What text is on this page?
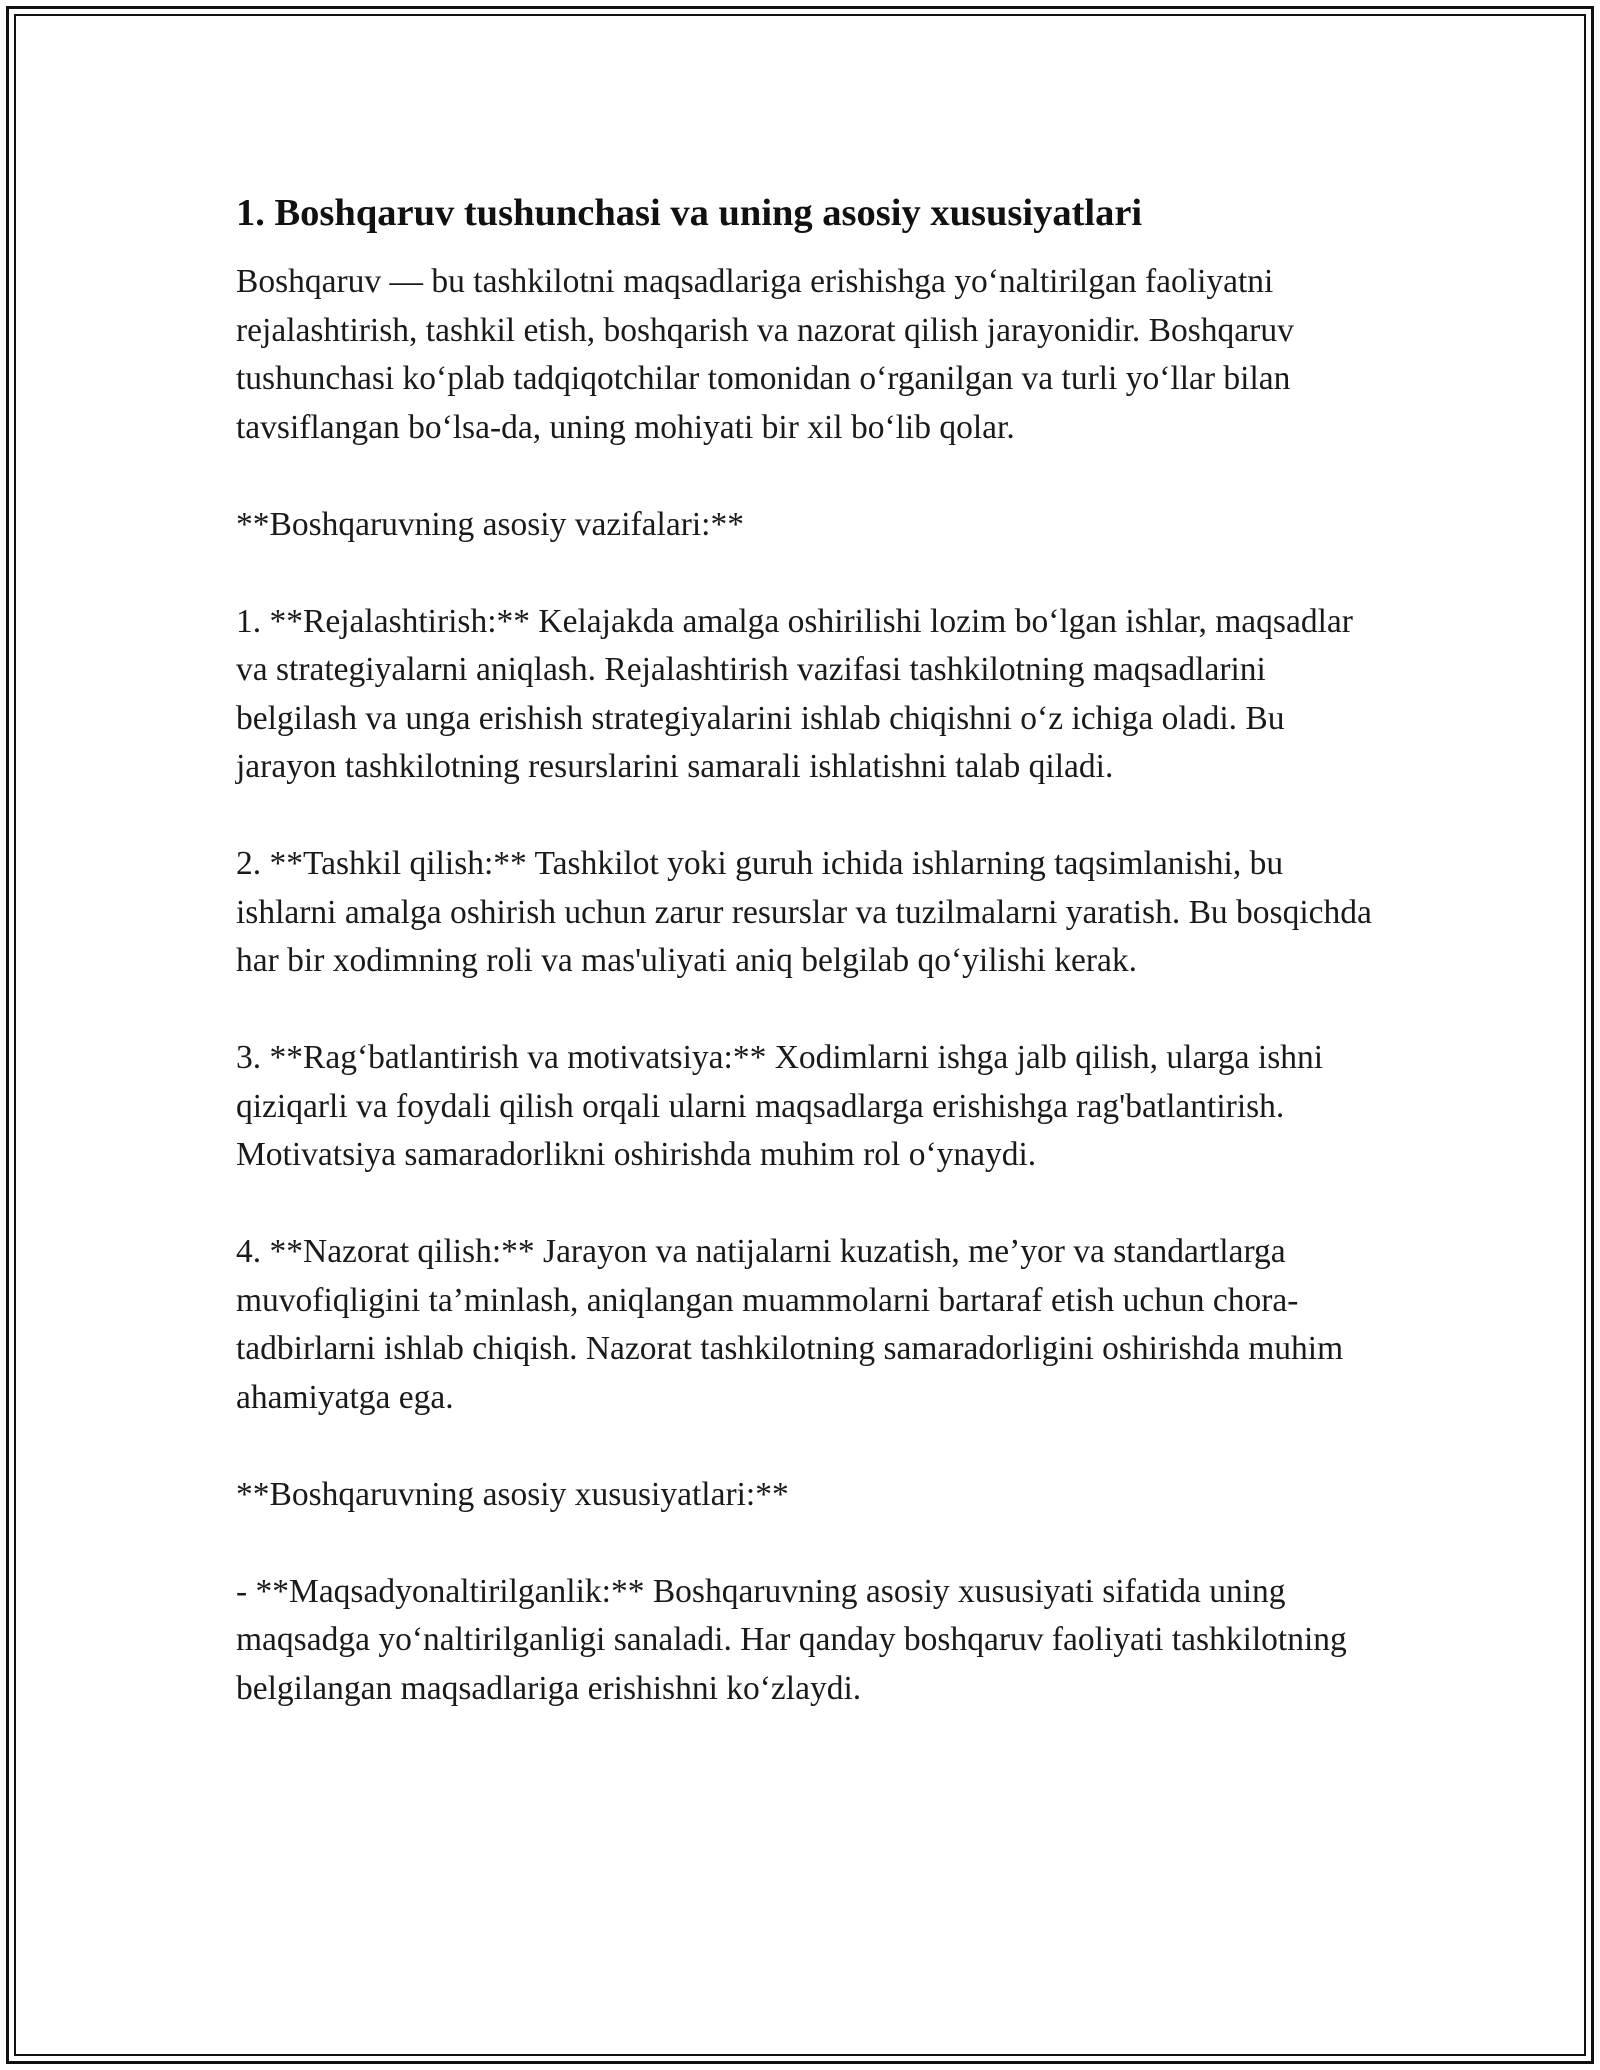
1. Boshqaruv tushunchasi va uning asosiy xususiyatlari

Boshqaruv — bu tashkilotni maqsadlariga erishishga yo‘naltirilgan faoliyatni rejalashtirish, tashkil etish, boshqarish va nazorat qilish jarayonidir. Boshqaruv tushunchasi ko‘plab tadqiqotchilar tomonidan o‘rganilgan va turli yo‘llar bilan tavsiflangan bo‘lsa-da, uning mohiyati bir xil bo‘lib qolar.

**Boshqaruvning asosiy vazifalari:**

1. **Rejalashtirish:** Kelajakda amalga oshirilishi lozim bo‘lgan ishlar, maqsadlar va strategiyalarni aniqlash. Rejalashtirish vazifasi tashkilotning maqsadlarini belgilash va unga erishish strategiyalarini ishlab chiqishni o‘z ichiga oladi. Bu jarayon tashkilotning resurslarini samarali ishlatishni talab qiladi.

2. **Tashkil qilish:** Tashkilot yoki guruh ichida ishlarning taqsimlanishi, bu ishlarni amalga oshirish uchun zarur resurslar va tuzilmalarni yaratish. Bu bosqichda har bir xodimning roli va mas'uliyati aniq belgilab qo‘yilishi kerak.

3. **Rag‘batlantirish va motivatsiya:** Xodimlarni ishga jalb qilish, ularga ishni qiziqarli va foydali qilish orqali ularni maqsadlarga erishishga rag'batlantirish. Motivatsiya samaradorlikni oshirishda muhim rol o‘ynaydi.

4. **Nazorat qilish:** Jarayon va natijalarni kuzatish, me’yor va standartlarga muvofiqligini ta’minlash, aniqlangan muammolarni bartaraf etish uchun chora-tadbirlarni ishlab chiqish. Nazorat tashkilotning samaradorligini oshirishda muhim ahamiyatga ega.

**Boshqaruvning asosiy xususiyatlari:**

- **Maqsadyonaltirilganlik:** Boshqaruvning asosiy xususiyati sifatida uning maqsadga yo‘naltirilganligi sanaladi. Har qanday boshqaruv faoliyati tashkilotning belgilangan maqsadlariga erishishni ko‘zlaydi.
